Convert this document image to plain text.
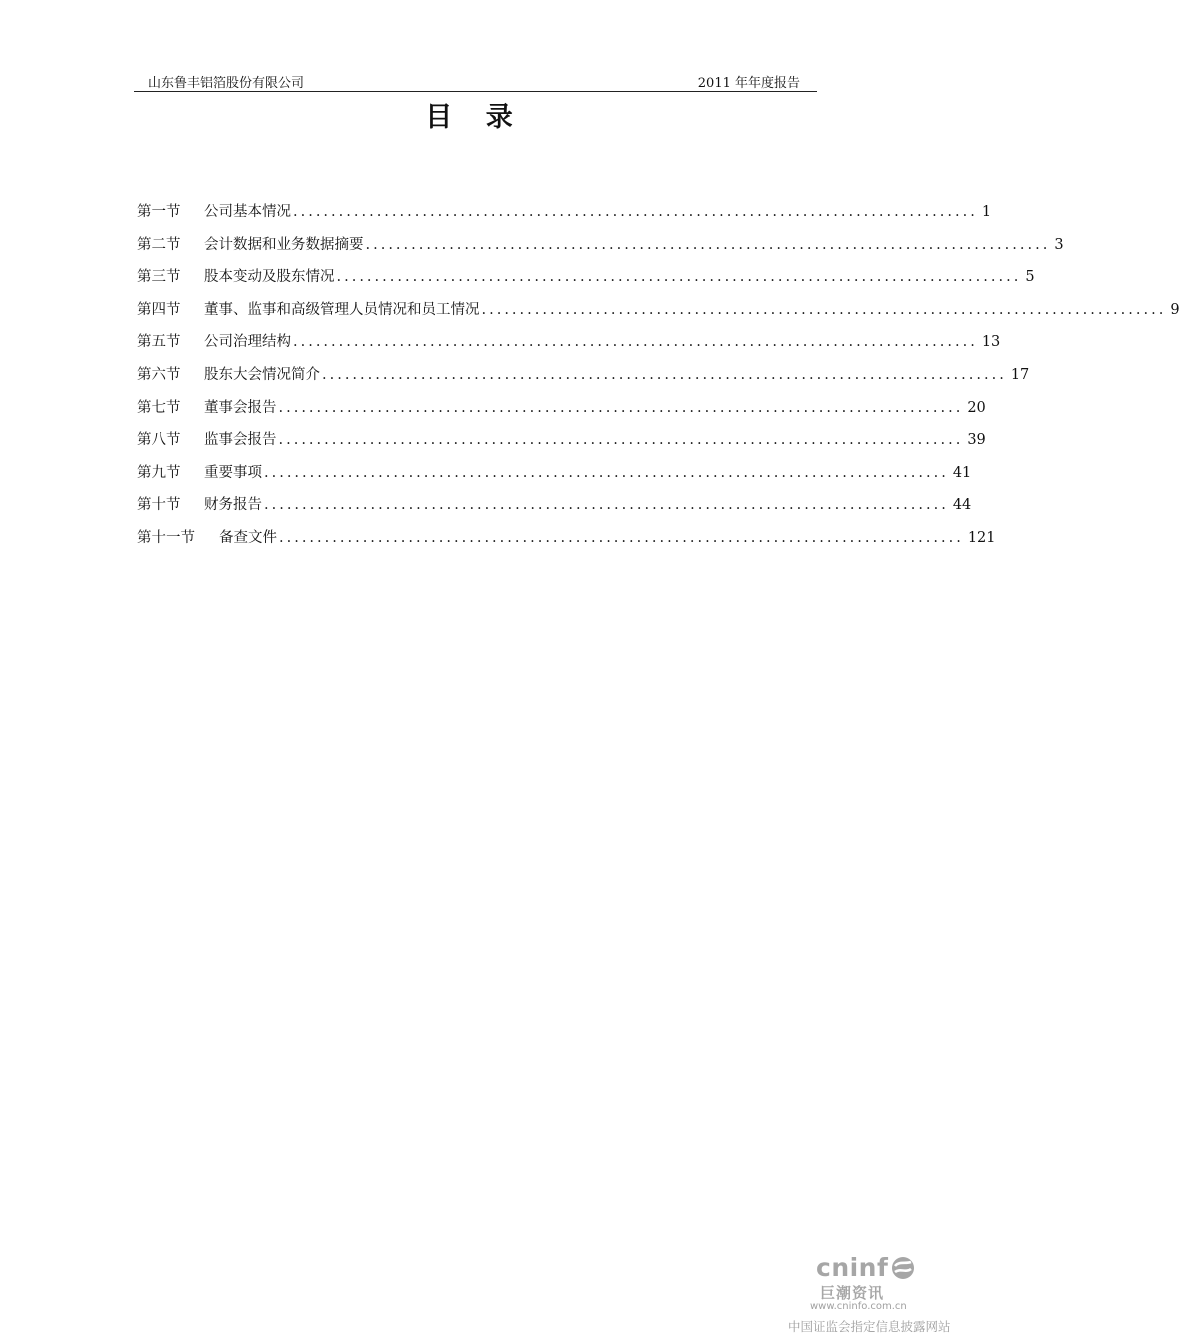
山东鲁丰铝箔股份有限公司	2011 年年度报告
目 录
第一节	公司基本情况 .......................................................................................... 1
第二节	会计数据和业务数据摘要 .......................................................................................... 3
第三节	股本变动及股东情况 .......................................................................................... 5
第四节	董事、监事和高级管理人员情况和员工情况 .......................................................................................... 9
第五节	公司治理结构 .......................................................................................... 13
第六节	股东大会情况简介 .......................................................................................... 17
第七节	董事会报告 .......................................................................................... 20
第八节	监事会报告 .......................................................................................... 39
第九节	重要事项 .......................................................................................... 41
第十节	财务报告 .......................................................................................... 44
第十一节	备查文件 .......................................................................................... 121
cninf
巨潮资讯
www.cninfo.com.cn
中国证监会指定信息披露网站
